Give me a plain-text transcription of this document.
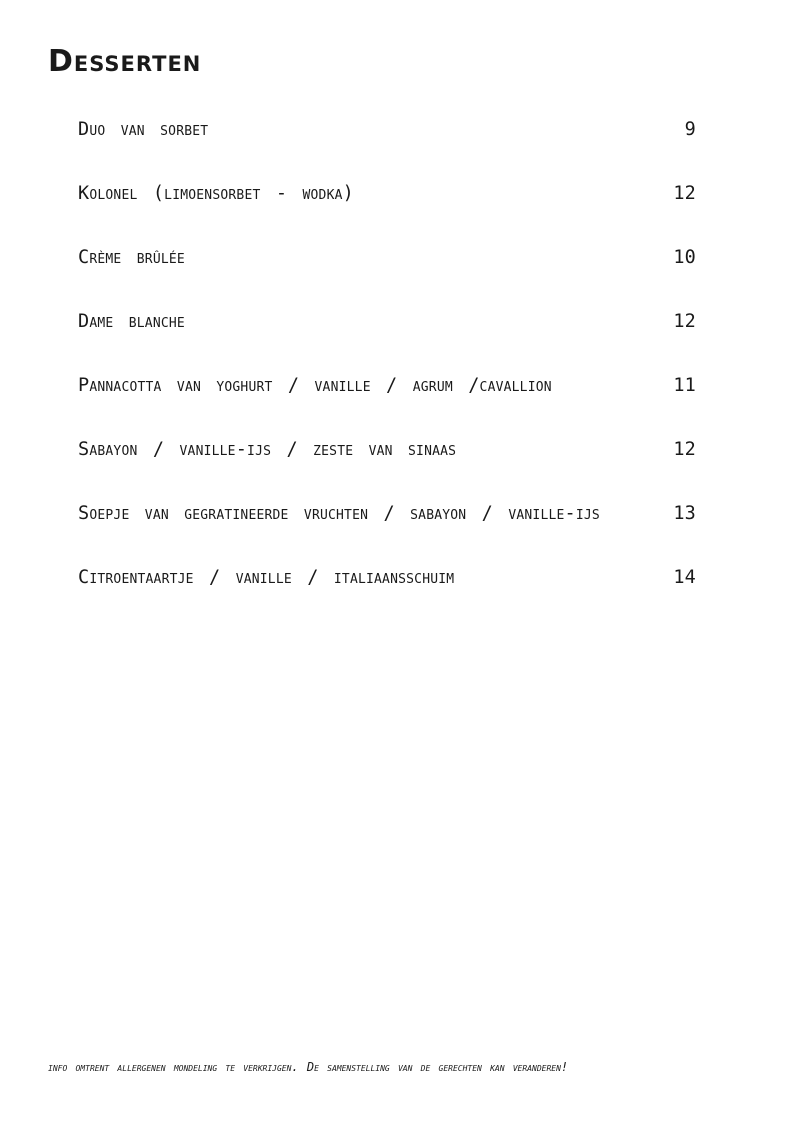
Desserten
Duo van sorbet	9
Kolonel (limoensorbet - wodka)	12
Crème brûlée	10
Dame blanche	12
Pannacotta van yoghurt / vanille / agrum /cavallion	11
Sabayon / vanille-ijs / zeste van sinaas	12
Soepje van gegratineerde vruchten / sabayon / vanille-ijs	13
Citroentaartje / vanille / italiaansschuim	14

info omtrent allergenen mondeling te verkrijgen. De samenstelling van de gerechten kan veranderen!
